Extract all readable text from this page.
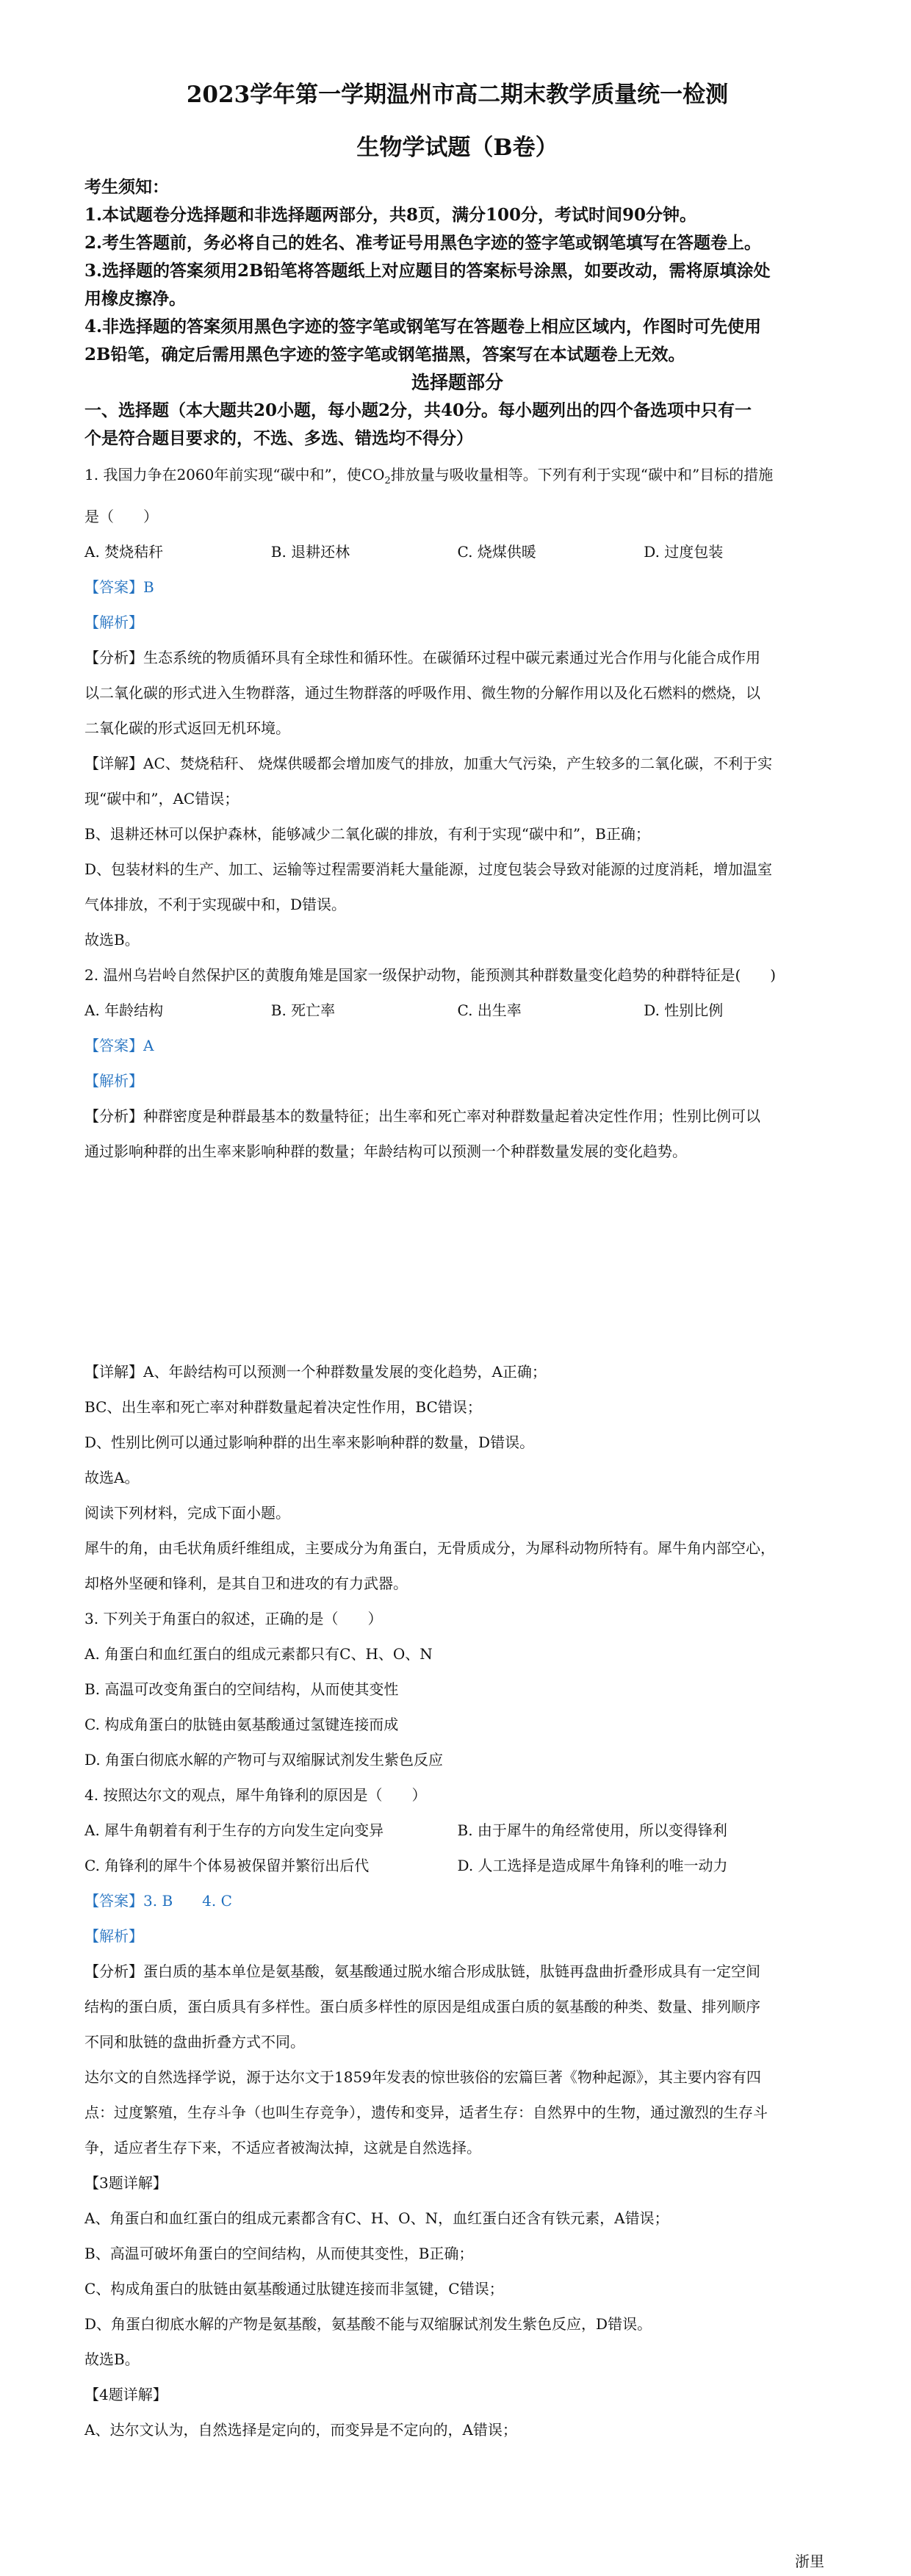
2023学年第一学期温州市高二期末教学质量统一检测
生物学试题（B卷）
考生须知：
1.本试题卷分选择题和非选择题两部分，共8页，满分100分，考试时间90分钟。
2.考生答题前，务必将自己的姓名、准考证号用黑色字迹的签字笔或钢笔填写在答题卷上。
3.选择题的答案须用2B铅笔将答题纸上对应题目的答案标号涂黑，如要改动，需将原填涂处
用橡皮擦净。
4.非选择题的答案须用黑色字迹的签字笔或钢笔写在答题卷上相应区域内，作图时可先使用
2B铅笔，确定后需用黑色字迹的签字笔或钢笔描黑，答案写在本试题卷上无效。
选择题部分
一、选择题（本大题共20小题，每小题2分，共40分。每小题列出的四个备选项中只有一
个是符合题目要求的，不选、多选、错选均不得分）

1. 我国力争在2060年前实现“碳中和”，使$CO_2$排放量与吸收量相等。下列有利于实现“碳中和”目标的措施

是（　　）

A. 焚烧秸秆	B. 退耕还林	C. 烧煤供暖	D. 过度包装

【答案】B

【解析】

【分析】生态系统的物质循环具有全球性和循环性。在碳循环过程中碳元素通过光合作用与化能合成作用

以二氧化碳的形式进入生物群落，通过生物群落的呼吸作用、微生物的分解作用以及化石燃料的燃烧，以

二氧化碳的形式返回无机环境。

【详解】AC、焚烧秸秆、 烧煤供暖都会增加废气的排放，加重大气污染，产生较多的二氧化碳，不利于实

现“碳中和”，AC错误；

B、退耕还林可以保护森林，能够减少二氧化碳的排放，有利于实现“碳中和”，B正确；

D、包装材料的生产、加工、运输等过程需要消耗大量能源，过度包装会导致对能源的过度消耗，增加温室

气体排放，不利于实现碳中和，D错误。

故选B。

2. 温州乌岩岭自然保护区的黄腹角雉是国家一级保护动物，能预测其种群数量变化趋势的种群特征是(　　)

A. 年龄结构	B. 死亡率	C. 出生率	D. 性别比例

【答案】A

【解析】

【分析】种群密度是种群最基本的数量特征；出生率和死亡率对种群数量起着决定性作用；性别比例可以

通过影响种群的出生率来影响种群的数量；年龄结构可以预测一个种群数量发展的变化趋势。

【详解】A、年龄结构可以预测一个种群数量发展的变化趋势，A正确；

BC、出生率和死亡率对种群数量起着决定性作用，BC错误；

D、性别比例可以通过影响种群的出生率来影响种群的数量，D错误。

故选A。

阅读下列材料，完成下面小题。

犀牛的角，由毛状角质纤维组成，主要成分为角蛋白，无骨质成分，为犀科动物所特有。犀牛角内部空心，

却格外坚硬和锋利，是其自卫和进攻的有力武器。

3. 下列关于角蛋白的叙述，正确的是（　　）

A. 角蛋白和血红蛋白的组成元素都只有C、H、O、N

B. 高温可改变角蛋白的空间结构，从而使其变性

C. 构成角蛋白的肽链由氨基酸通过氢键连接而成

D. 角蛋白彻底水解的产物可与双缩脲试剂发生紫色反应

4. 按照达尔文的观点，犀牛角锋利的原因是（　　）

A. 犀牛角朝着有利于生存的方向发生定向变异	B. 由于犀牛的角经常使用，所以变得锋利
C. 角锋利的犀牛个体易被保留并繁衍出后代	D. 人工选择是造成犀牛角锋利的唯一动力

【答案】3. B　　4. C

【解析】

【分析】蛋白质的基本单位是氨基酸，氨基酸通过脱水缩合形成肽链，肽链再盘曲折叠形成具有一定空间

结构的蛋白质，蛋白质具有多样性。蛋白质多样性的原因是组成蛋白质的氨基酸的种类、数量、排列顺序

不同和肽链的盘曲折叠方式不同。

达尔文的自然选择学说，源于达尔文于1859年发表的惊世骇俗的宏篇巨著《物种起源》，其主要内容有四

点：过度繁殖，生存斗争（也叫生存竞争），遗传和变异，适者生存：自然界中的生物，通过激烈的生存斗

争，适应者生存下来，不适应者被淘汰掉，这就是自然选择。

【3题详解】

A、角蛋白和血红蛋白的组成元素都含有C、H、O、N，血红蛋白还含有铁元素，A错误；

B、高温可破坏角蛋白的空间结构，从而使其变性，B正确；

C、构成角蛋白的肽链由氨基酸通过肽键连接而非氢键，C错误；

D、角蛋白彻底水解的产物是氨基酸，氨基酸不能与双缩脲试剂发生紫色反应，D错误。

故选B。

【4题详解】

A、达尔文认为，自然选择是定向的，而变异是不定向的，A错误；

浙里
